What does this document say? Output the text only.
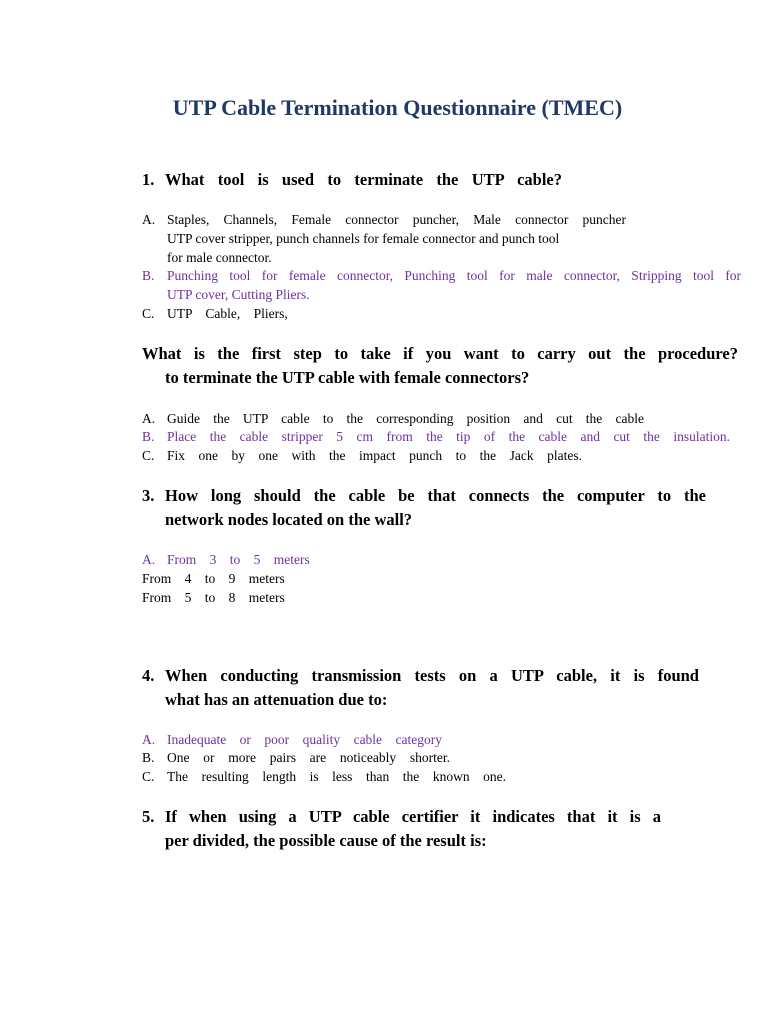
UTP Cable Termination Questionnaire (TMEC)
1. What tool is used to terminate the UTP cable?
A. Staples, Channels, Female connector puncher, Male connector puncher
UTP cover stripper, punch channels for female connector and punch tool
for male connector.
B. Punching tool for female connector, Punching tool for male connector, Stripping tool for
UTP cover, Cutting Pliers.
C. UTP Cable, Pliers,
What is the first step to take if you want to carry out the procedure?
to terminate the UTP cable with female connectors?
A. Guide the UTP cable to the corresponding position and cut the cable
B. Place the cable stripper 5 cm from the tip of the cable and cut the insulation.
C. Fix one by one with the impact punch to the Jack plates.
3. How long should the cable be that connects the computer to the
network nodes located on the wall?
A. From 3 to 5 meters
From 4 to 9 meters
From 5 to 8 meters
4. When conducting transmission tests on a UTP cable, it is found
what has an attenuation due to:
A. Inadequate or poor quality cable category
B. One or more pairs are noticeably shorter.
C. The resulting length is less than the known one.
5. If when using a UTP cable certifier it indicates that it is a
per divided, the possible cause of the result is:
